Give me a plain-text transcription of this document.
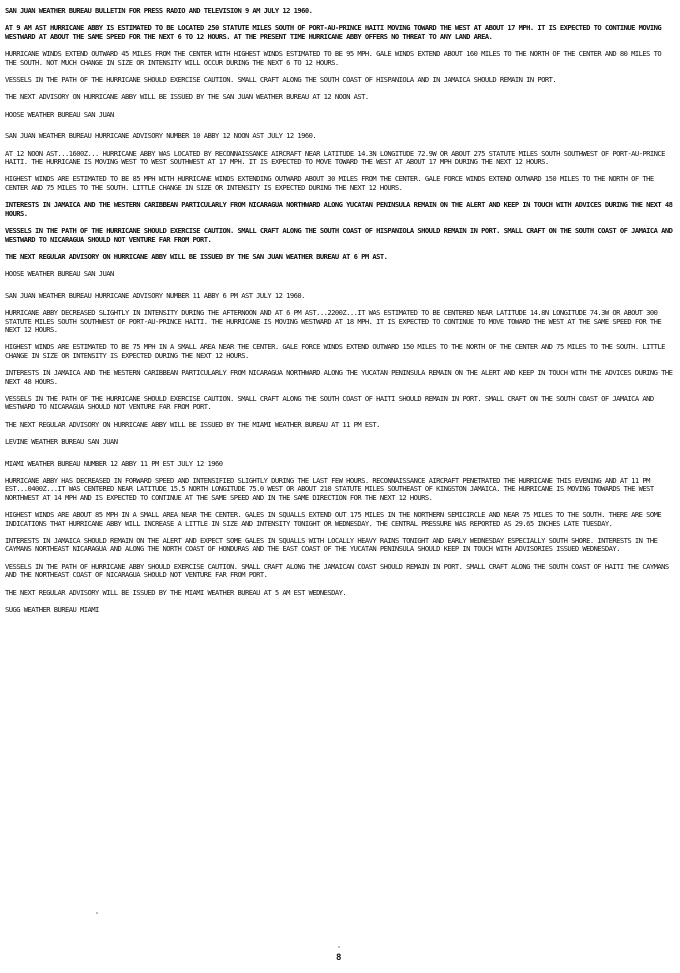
SAN JUAN WEATHER BUREAU BULLETIN FOR PRESS RADIO AND TELEVISION 9 AM JULY 12 1960.
AT 9 AM AST HURRICANE ABBY IS ESTIMATED TO BE LOCATED 250 STATUTE MILES SOUTH OF PORT-AU-PRINCE HAITI MOVING TOWARD THE WEST AT ABOUT 17 MPH. IT IS EXPECTED TO CONTINUE MOVING WESTWARD AT ABOUT THE SAME SPEED FOR THE NEXT 6 TO 12 HOURS. AT THE PRESENT TIME HURRICANE ABBY OFFERS NO THREAT TO ANY LAND AREA.
HURRICANE WINDS EXTEND OUTWARD 45 MILES FROM THE CENTER WITH HIGHEST WINDS ESTIMATED TO BE 95 MPH. GALE WINDS EXTEND ABOUT 160 MILES TO THE NORTH OF THE CENTER AND 80 MILES TO THE SOUTH. NOT MUCH CHANGE IN SIZE OR INTENSITY WILL OCCUR DURING THE NEXT 6 TO 12 HOURS.
VESSELS IN THE PATH OF THE HURRICANE SHOULD EXERCISE CAUTION. SMALL CRAFT ALONG THE SOUTH COAST OF HISPANIOLA AND IN JAMAICA SHOULD REMAIN IN PORT.
THE NEXT ADVISORY ON HURRICANE ABBY WILL BE ISSUED BY THE SAN JUAN WEATHER BUREAU AT 12 NOON AST.
HOOSE WEATHER BUREAU SAN JUAN
SAN JUAN WEATHER BUREAU HURRICANE ADVISORY NUMBER 10 ABBY 12 NOON AST JULY 12 1960.
AT 12 NOON AST...1600Z... HURRICANE ABBY WAS LOCATED BY RECONNAISSANCE AIRCRAFT NEAR LATITUDE 14.3N LONGITUDE 72.9W OR ABOUT 275 STATUTE MILES SOUTH SOUTHWEST OF PORT-AU-PRINCE HAITI. THE HURRICANE IS MOVING WEST TO WEST SOUTHWEST AT 17 MPH. IT IS EXPECTED TO MOVE TOWARD THE WEST AT ABOUT 17 MPH DURING THE NEXT 12 HOURS.
HIGHEST WINDS ARE ESTIMATED TO BE 85 MPH WITH HURRICANE WINDS EXTENDING OUTWARD ABOUT 30 MILES FROM THE CENTER. GALE FORCE WINDS EXTEND OUTWARD 150 MILES TO THE NORTH OF THE CENTER AND 75 MILES TO THE SOUTH. LITTLE CHANGE IN SIZE OR INTENSITY IS EXPECTED DURING THE NEXT 12 HOURS.
INTERESTS IN JAMAICA AND THE WESTERN CARIBBEAN PARTICULARLY FROM NICARAGUA NORTHWARD ALONG YUCATAN PENINSULA REMAIN ON THE ALERT AND KEEP IN TOUCH WITH ADVICES DURING THE NEXT 48 HOURS.
VESSELS IN THE PATH OF THE HURRICANE SHOULD EXERCISE CAUTION. SMALL CRAFT ALONG THE SOUTH COAST OF HISPANIOLA SHOULD REMAIN IN PORT. SMALL CRAFT ON THE SOUTH COAST OF JAMAICA AND WESTWARD TO NICARAGUA SHOULD NOT VENTURE FAR FROM PORT.
THE NEXT REGULAR ADVISORY ON HURRICANE ABBY WILL BE ISSUED BY THE SAN JUAN WEATHER BUREAU AT 6 PM AST.
HOOSE WEATHER BUREAU SAN JUAN
SAN JUAN WEATHER BUREAU HURRICANE ADVISORY NUMBER 11 ABBY 6 PM AST JULY 12 1960.
HURRICANE ABBY DECREASED SLIGHTLY IN INTENSITY DURING THE AFTERNOON AND AT 6 PM AST...2200Z...IT WAS ESTIMATED TO BE CENTERED NEAR LATITUDE 14.8N LONGITUDE 74.3W OR ABOUT 300 STATUTE MILES SOUTH SOUTHWEST OF PORT-AU-PRINCE HAITI. THE HURRICANE IS MOVING WESTWARD AT 18 MPH. IT IS EXPECTED TO CONTINUE TO MOVE TOWARD THE WEST AT THE SAME SPEED FOR THE NEXT 12 HOURS.
HIGHEST WINDS ARE ESTIMATED TO BE 75 MPH IN A SMALL AREA NEAR THE CENTER. GALE FORCE WINDS EXTEND OUTWARD 150 MILES TO THE NORTH OF THE CENTER AND 75 MILES TO THE SOUTH. LITTLE CHANGE IN SIZE OR INTENSITY IS EXPECTED DURING THE NEXT 12 HOURS.
INTERESTS IN JAMAICA AND THE WESTERN CARIBBEAN PARTICULARLY FROM NICARAGUA NORTHWARD ALONG THE YUCATAN PENINSULA REMAIN ON THE ALERT AND KEEP IN TOUCH WITH THE ADVICES DURING THE NEXT 48 HOURS.
VESSELS IN THE PATH OF THE HURRICANE SHOULD EXERCISE CAUTION. SMALL CRAFT ALONG THE SOUTH COAST OF HAITI SHOULD REMAIN IN PORT. SMALL CRAFT ON THE SOUTH COAST OF JAMAICA AND WESTWARD TO NICARAGUA SHOULD NOT VENTURE FAR FROM PORT.
THE NEXT REGULAR ADVISORY ON HURRICANE ABBY WILL BE ISSUED BY THE MIAMI WEATHER BUREAU AT 11 PM EST.
LEVINE WEATHER BUREAU SAN JUAN
MIAMI WEATHER BUREAU NUMBER 12 ABBY 11 PM EST JULY 12 1960
HURRICANE ABBY HAS DECREASED IN FORWARD SPEED AND INTENSIFIED SLIGHTLY DURING THE LAST FEW HOURS. RECONNAISSANCE AIRCRAFT PENETRATED THE HURRICANE THIS EVENING AND AT 11 PM EST...0400Z...IT WAS CENTERED NEAR LATITUDE 15.5 NORTH LONGITUDE 75.0 WEST OR ABOUT 210 STATUTE MILES SOUTHEAST OF KINGSTON JAMAICA. THE HURRICANE IS MOVING TOWARDS THE WEST NORTHWEST AT 14 MPH AND IS EXPECTED TO CONTINUE AT THE SAME SPEED AND IN THE SAME DIRECTION FOR THE NEXT 12 HOURS.
HIGHEST WINDS ARE ABOUT 85 MPH IN A SMALL AREA NEAR THE CENTER. GALES IN SQUALLS EXTEND OUT 175 MILES IN THE NORTHERN SEMICIRCLE AND NEAR 75 MILES TO THE SOUTH. THERE ARE SOME INDICATIONS THAT HURRICANE ABBY WILL INCREASE A LITTLE IN SIZE AND INTENSITY TONIGHT OR WEDNESDAY. THE CENTRAL PRESSURE WAS REPORTED AS 29.65 INCHES LATE TUESDAY.
INTERESTS IN JAMAICA SHOULD REMAIN ON THE ALERT AND EXPECT SOME GALES IN SQUALLS WITH LOCALLY HEAVY RAINS TONIGHT AND EARLY WEDNESDAY ESPECIALLY SOUTH SHORE. INTERESTS IN THE CAYMANS NORTHEAST NICARAGUA AND ALONG THE NORTH COAST OF HONDURAS AND THE EAST COAST OF THE YUCATAN PENINSULA SHOULD KEEP IN TOUCH WITH ADVISORIES ISSUED WEDNESDAY.
VESSELS IN THE PATH OF HURRICANE ABBY SHOULD EXERCISE CAUTION. SMALL CRAFT ALONG THE JAMAICAN COAST SHOULD REMAIN IN PORT. SMALL CRAFT ALONG THE SOUTH COAST OF HAITI THE CAYMANS AND THE NORTHEAST COAST OF NICARAGUA SHOULD NOT VENTURE FAR FROM PORT.
THE NEXT REGULAR ADVISORY WILL BE ISSUED BY THE MIAMI WEATHER BUREAU AT 5 AM EST WEDNESDAY.
SUGG WEATHER BUREAU MIAMI
8
